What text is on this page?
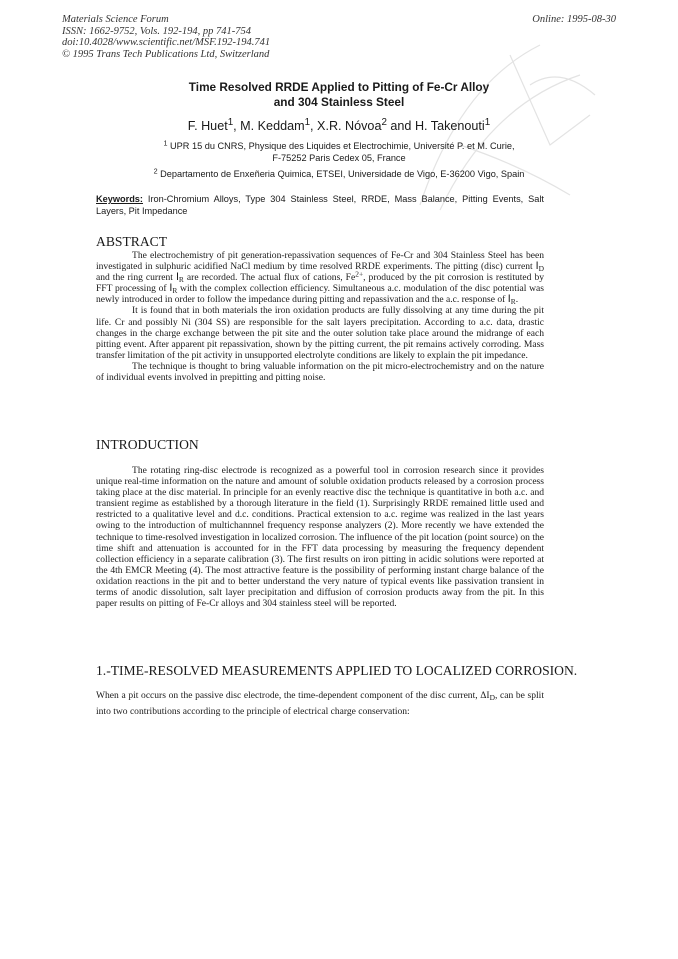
Materials Science Forum
ISSN: 1662-9752, Vols. 192-194, pp 741-754
doi:10.4028/www.scientific.net/MSF.192-194.741
© 1995 Trans Tech Publications Ltd, Switzerland
Online: 1995-08-30
Time Resolved RRDE Applied to Pitting of Fe-Cr Alloy
and 304 Stainless Steel
F. Huet$^1$, M. Keddam$^1$, X.R. Nóvoa$^2$ and H. Takenouti$^1$
$^1$ UPR 15 du CNRS, Physique des Liquides et Electrochimie, Université P. et M. Curie,
F-75252 Paris Cedex 05, France
$^2$ Departamento de Enxeñeria Quimica, ETSEI, Universidade de Vigo, E-36200 Vigo, Spain
Keywords: Iron-Chromium Alloys, Type 304 Stainless Steel, RRDE, Mass Balance, Pitting Events, Salt Layers, Pit Impedance
ABSTRACT

The electrochemistry of pit generation-repassivation sequences of Fe-Cr and 304 Stainless Steel has been investigated in sulphuric acidified NaCl medium by time resolved RRDE experiments. The pitting (disc) current $I_D$ and the ring current $I_R$ are recorded. The actual flux of cations, $Fe^{2+}$, produced by the pit corrosion is restituted by FFT processing of $I_R$ with the complex collection efficiency. Simultaneous a.c. modulation of the disc potential was newly introduced in order to follow the impedance during pitting and repassivation and the a.c. response of $I_R$.

It is found that in both materials the iron oxidation products are fully dissolving at any time during the pit life. Cr and possibly Ni (304 SS) are responsible for the salt layers precipitation. According to a.c. data, drastic changes in the charge exchange between the pit site and the outer solution take place around the midrange of each pitting event. After apparent pit repassivation, shown by the pitting current, the pit remains actively corroding. Mass transfer limitation of the pit activity in unsupported electrolyte conditions are likely to explain the pit impedance.

The technique is thought to bring valuable information on the pit micro-electrochemistry and on the nature of individual events involved in prepitting and pitting noise.

INTRODUCTION

The rotating ring-disc electrode is recognized as a powerful tool in corrosion research since it provides unique real-time information on the nature and amount of soluble oxidation products released by a corrosion process taking place at the disc material. In principle for an evenly reactive disc the technique is quantitative in both a.c. and transient regime as established by a thorough literature in the field (1). Surprisingly RRDE remained little used and restricted to a qualitative level and d.c. conditions. Practical extension to a.c. regime was realized in the last years owing to the introduction of multichannnel frequency response analyzers (2). More recently we have extended the technique to time-resolved investigation in localized corrosion. The influence of the pit location (point source) on the time shift and attenuation is accounted for in the FFT data processing by measuring the frequency dependent collection efficiency in a separate calibration (3). The first results on iron pitting in acidic solutions were reported at the 4th EMCR Meeting (4). The most attractive feature is the possibility of performing instant charge balance of the oxidation reactions in the pit and to better understand the very nature of typical events like passivation transient in terms of anodic dissolution, salt layer precipitation and diffusion of corrosion products away from the pit. In this paper results on pitting of Fe-Cr alloys and 304 stainless steel will be reported.

1.-TIME-RESOLVED MEASUREMENTS APPLIED TO LOCALIZED CORROSION.

When a pit occurs on the passive disc electrode, the time-dependent component of the disc current, $\Delta I_D$, can be split into two contributions according to the principle of electrical charge conservation:
